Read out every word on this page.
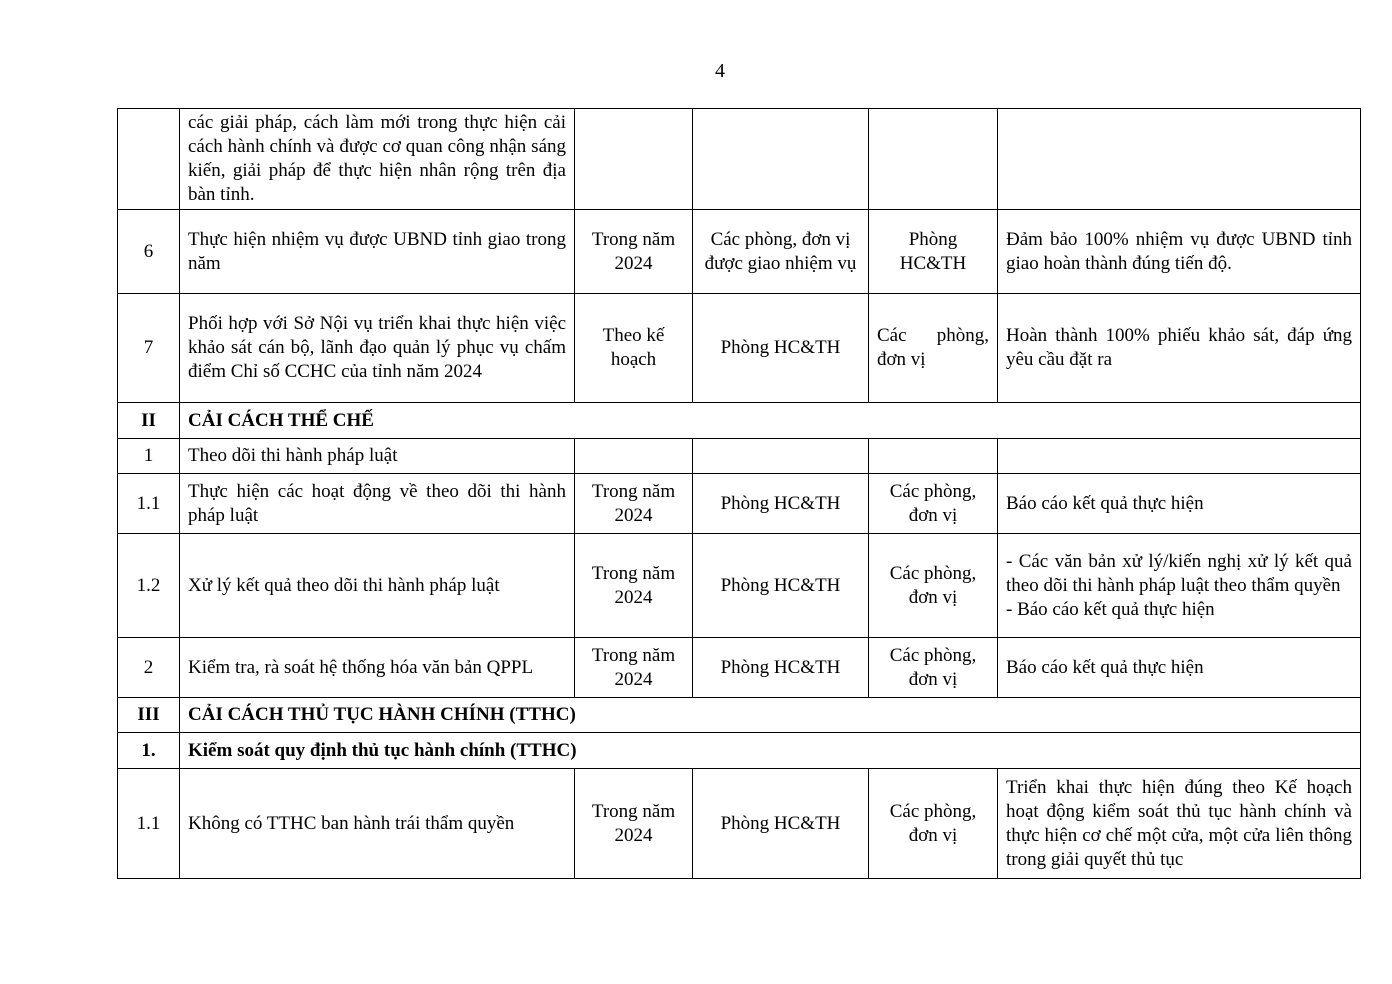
4
	các giải pháp, cách làm mới trong thực hiện cải cách hành chính và được cơ quan công nhận sáng kiến, giải pháp để thực hiện nhân rộng trên địa bàn tỉnh.				
6	Thực hiện nhiệm vụ được UBND tỉnh giao trong năm	Trong năm 2024	Các phòng, đơn vị được giao nhiệm vụ	Phòng HC&TH	Đảm bảo 100% nhiệm vụ được UBND tỉnh giao hoàn thành đúng tiến độ.
7	Phối hợp với Sở Nội vụ triển khai thực hiện việc khảo sát cán bộ, lãnh đạo quản lý phục vụ chấm điểm Chỉ số CCHC của tỉnh năm 2024	Theo kế hoạch	Phòng HC&TH	Các phòng, đơn vị	Hoàn thành 100% phiếu khảo sát, đáp ứng yêu cầu đặt ra
II	CẢI CÁCH THỂ CHẾ				
1	Theo dõi thi hành pháp luật				
1.1	Thực hiện các hoạt động về theo dõi thi hành pháp luật	Trong năm 2024	Phòng HC&TH	Các phòng, đơn vị	Báo cáo kết quả thực hiện
1.2	Xử lý kết quả theo dõi thi hành pháp luật	Trong năm 2024	Phòng HC&TH	Các phòng, đơn vị	- Các văn bản xử lý/kiến nghị xử lý kết quả theo dõi thi hành pháp luật theo thẩm quyền
- Báo cáo kết quả thực hiện

2	Kiểm tra, rà soát hệ thống hóa văn bản QPPL	Trong năm 2024	Phòng HC&TH	Các phòng, đơn vị	Báo cáo kết quả thực hiện
III	CẢI CÁCH THỦ TỤC HÀNH CHÍNH (TTHC)				
1.	Kiểm soát quy định thủ tục hành chính (TTHC)				
1.1	Không có TTHC ban hành trái thẩm quyền	Trong năm 2024	Phòng HC&TH	Các phòng, đơn vị	Triển khai thực hiện đúng theo Kế hoạch hoạt động kiểm soát thủ tục hành chính và thực hiện cơ chế một cửa, một cửa liên thông trong giải quyết thủ tục
